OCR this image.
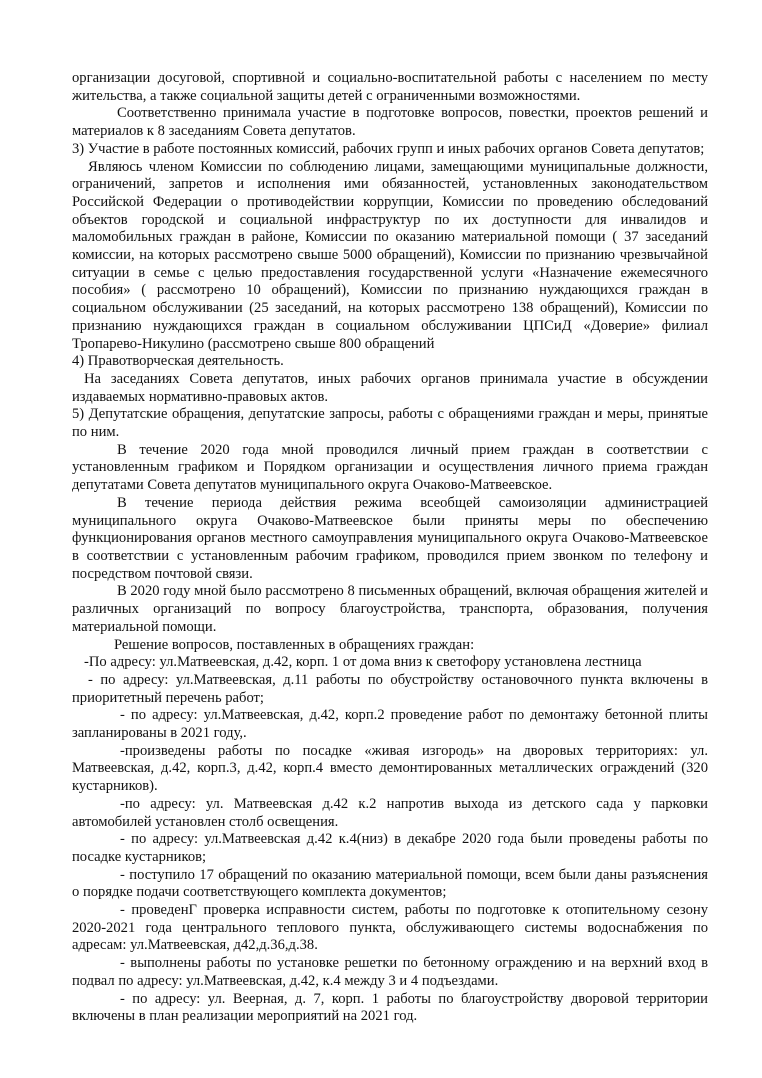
организации досуговой, спортивной и социально-воспитательной работы с населением по месту жительства, а также социальной защиты детей с ограниченными возможностями.

Соответственно принимала участие в подготовке вопросов, повестки, проектов решений и материалов к 8 заседаниям Совета депутатов.

3) Участие в работе постоянных комиссий, рабочих групп и иных рабочих органов Совета депутатов;

Являюсь членом Комиссии по соблюдению лицами, замещающими муниципальные должности, ограничений, запретов и исполнения ими обязанностей, установленных законодательством Российской Федерации о противодействии коррупции, Комиссии по проведению обследований объектов городской и социальной инфраструктур по их доступности для инвалидов и маломобильных граждан в районе, Комиссии по оказанию материальной помощи ( 37 заседаний комиссии, на которых рассмотрено свыше 5000 обращений), Комиссии по признанию чрезвычайной ситуации в семье с целью предоставления государственной услуги «Назначение ежемесячного пособия» ( рассмотрено 10 обращений), Комиссии по признанию нуждающихся граждан в социальном обслуживании (25 заседаний, на которых рассмотрено 138 обращений), Комиссии по признанию нуждающихся граждан в социальном обслуживании ЦПСиД «Доверие» филиал Тропарево-Никулино (рассмотрено свыше 800 обращений

4) Правотворческая деятельность.

На заседаниях Совета депутатов, иных рабочих органов принимала участие в обсуждении издаваемых нормативно-правовых актов.

5) Депутатские обращения, депутатские запросы, работы с обращениями граждан и меры, принятые по ним.

В течение 2020 года мной проводился личный прием граждан в соответствии с установленным графиком и Порядком организации и осуществления личного приема граждан депутатами Совета депутатов муниципального округа Очаково-Матвеевское.

В течение периода действия режима всеобщей самоизоляции администрацией муниципального округа Очаково-Матвеевское были приняты меры по обеспечению функционирования органов местного самоуправления муниципального округа Очаково-Матвеевское в соответствии с установленным рабочим графиком, проводился прием звонком по телефону и посредством почтовой связи.

В 2020 году мной было рассмотрено 8 письменных обращений, включая обращения жителей и различных организаций по вопросу благоустройства, транспорта, образования, получения материальной помощи.

Решение вопросов, поставленных в обращениях граждан:

-По адресу: ул.Матвеевская, д.42, корп. 1 от дома вниз к светофору установлена лестница

- по адресу: ул.Матвеевская, д.11 работы по обустройству остановочного пункта включены в приоритетный перечень работ;

- по адресу: ул.Матвеевская, д.42, корп.2 проведение работ по демонтажу бетонной плиты запланированы в 2021 году,.

-произведены работы по посадке «живая изгородь» на дворовых территориях: ул. Матвеевская, д.42, корп.3, д.42, корп.4 вместо демонтированных металлических ограждений (320 кустарников).

-по адресу: ул. Матвеевская д.42 к.2 напротив выхода из детского сада у парковки автомобилей установлен столб освещения.

- по адресу: ул.Матвеевская д.42 к.4(низ) в декабре 2020 года были проведены работы по посадке кустарников;

- поступило 17 обращений по оказанию материальной помощи, всем были даны разъяснения о порядке подачи соответствующего комплекта документов;

- проведенГ проверка исправности систем, работы по подготовке к отопительному сезону 2020-2021 года центрального теплового пункта, обслуживающего системы водоснабжения по адресам: ул.Матвеевская, д42,д.36,д.38.

- выполнены работы по установке решетки по бетонному ограждению и на верхний вход в подвал по адресу: ул.Матвеевская, д.42, к.4 между 3 и 4 подъездами.

- по адресу: ул. Веерная, д. 7, корп. 1 работы по благоустройству дворовой территории включены в план реализации мероприятий на 2021 год.
